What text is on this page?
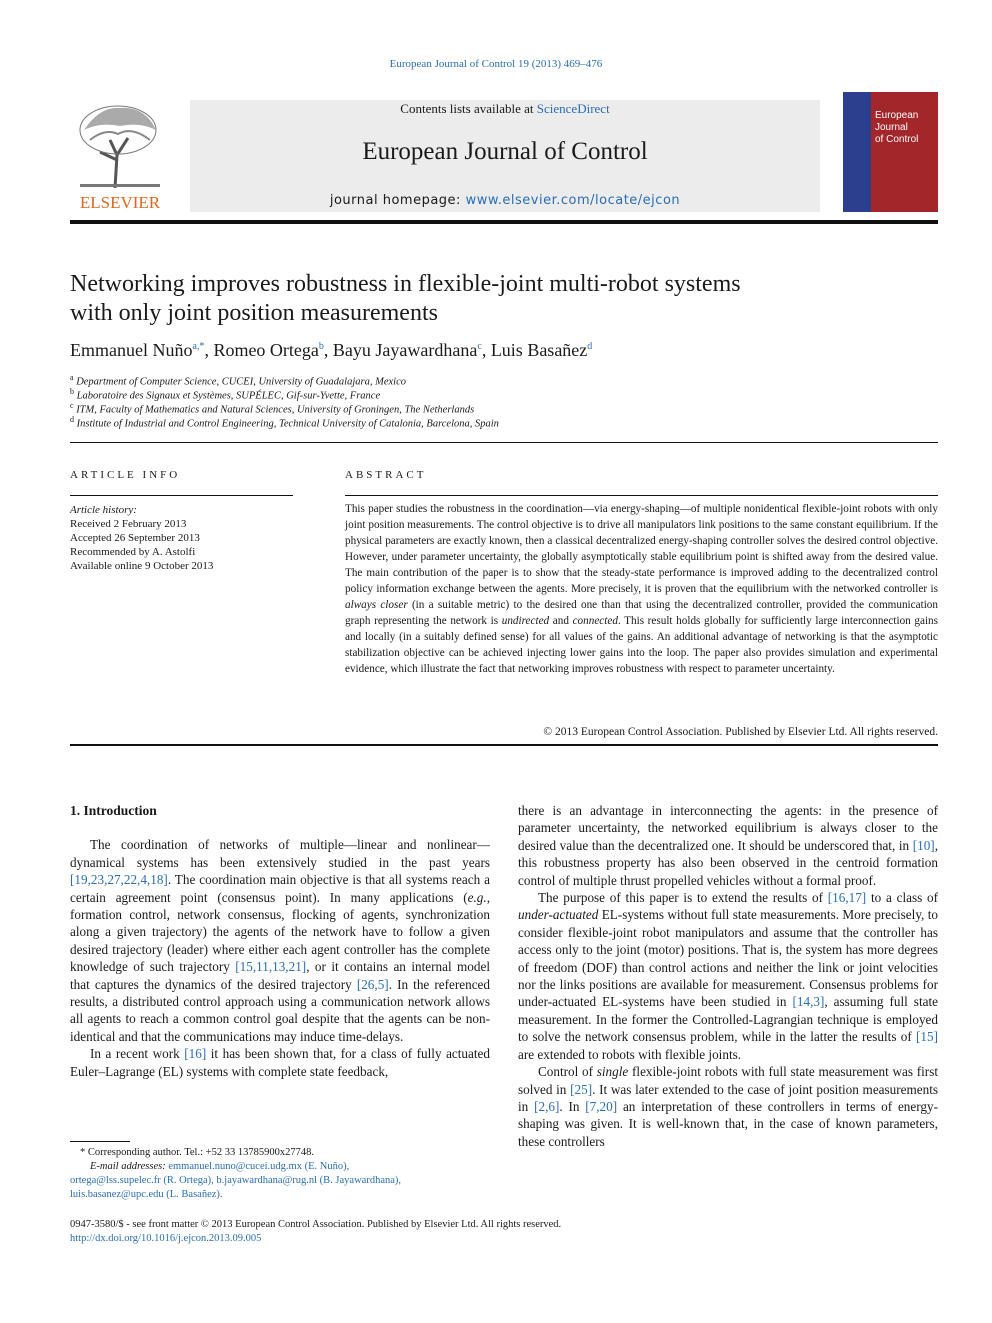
European Journal of Control 19 (2013) 469–476
ELSEVIER
Contents lists available at ScienceDirect
European Journal of Control
journal homepage: www.elsevier.com/locate/ejcon
European
Journal
of Control
Networking improves robustness in flexible-joint multi-robot systems
with only joint position measurements
Emmanuel Nuño$^{a,*}$, Romeo Ortega$^b$, Bayu Jayawardhana$^c$, Luis Basañez$^d$
$^a$ Department of Computer Science, CUCEI, University of Guadalajara, Mexico
$^b$ Laboratoire des Signaux et Systèmes, SUPÉLEC, Gif-sur-Yvette, France
$^c$ ITM, Faculty of Mathematics and Natural Sciences, University of Groningen, The Netherlands
$^d$ Institute of Industrial and Control Engineering, Technical University of Catalonia, Barcelona, Spain
ARTICLE INFO
Article history:
Received 2 February 2013
Accepted 26 September 2013
Recommended by A. Astolfi
Available online 9 October 2013
ABSTRACT
This paper studies the robustness in the coordination—via energy-shaping—of multiple nonidentical flexible-joint robots with only joint position measurements. The control objective is to drive all manipulators link positions to the same constant equilibrium. If the physical parameters are exactly known, then a classical decentralized energy-shaping controller solves the desired control objective. However, under parameter uncertainty, the globally asymptotically stable equilibrium point is shifted away from the desired value. The main contribution of the paper is to show that the steady-state performance is improved adding to the decentralized control policy information exchange between the agents. More precisely, it is proven that the equilibrium with the networked controller is always closer (in a suitable metric) to the desired one than that using the decentralized controller, provided the communication graph representing the network is undirected and connected. This result holds globally for sufficiently large interconnection gains and locally (in a suitably defined sense) for all values of the gains. An additional advantage of networking is that the asymptotic stabilization objective can be achieved injecting lower gains into the loop. The paper also provides simulation and experimental evidence, which illustrate the fact that networking improves robustness with respect to parameter uncertainty.
© 2013 European Control Association. Published by Elsevier Ltd. All rights reserved.

1. Introduction

The coordination of networks of multiple—linear and nonlinear—dynamical systems has been extensively studied in the past years [19,23,27,22,4,18]. The coordination main objective is that all systems reach a certain agreement point (consensus point). In many applications (e.g., formation control, network consensus, flocking of agents, synchronization along a given trajectory) the agents of the network have to follow a given desired trajectory (leader) where either each agent controller has the complete knowledge of such trajectory [15,11,13,21], or it contains an internal model that captures the dynamics of the desired trajectory [26,5]. In the referenced results, a distributed control approach using a communication network allows all agents to reach a common control goal despite that the agents can be non-identical and that the communications may induce time-delays.

In a recent work [16] it has been shown that, for a class of fully actuated Euler–Lagrange (EL) systems with complete state feedback,

there is an advantage in interconnecting the agents: in the presence of parameter uncertainty, the networked equilibrium is always closer to the desired value than the decentralized one. It should be underscored that, in [10], this robustness property has also been observed in the centroid formation control of multiple thrust propelled vehicles without a formal proof.

The purpose of this paper is to extend the results of [16,17] to a class of under-actuated EL-systems without full state measurements. More precisely, to consider flexible-joint robot manipulators and assume that the controller has access only to the joint (motor) positions. That is, the system has more degrees of freedom (DOF) than control actions and neither the link or joint velocities nor the links positions are available for measurement. Consensus problems for under-actuated EL-systems have been studied in [14,3], assuming full state measurement. In the former the Controlled-Lagrangian technique is employed to solve the network consensus problem, while in the latter the results of [15] are extended to robots with flexible joints.

Control of single flexible-joint robots with full state measurement was first solved in [25]. It was later extended to the case of joint position measurements in [2,6]. In [7,20] an interpretation of these controllers in terms of energy-shaping was given. It is well-known that, in the case of known parameters, these controllers

* Corresponding author. Tel.: +52 33 13785900x27748.
E-mail addresses: emmanuel.nuno@cucei.udg.mx (E. Nuño),
ortega@lss.supelec.fr (R. Ortega), b.jayawardhana@rug.nl (B. Jayawardhana),
luis.basanez@upc.edu (L. Basañez).
0947-3580/$ - see front matter © 2013 European Control Association. Published by Elsevier Ltd. All rights reserved.
http://dx.doi.org/10.1016/j.ejcon.2013.09.005
